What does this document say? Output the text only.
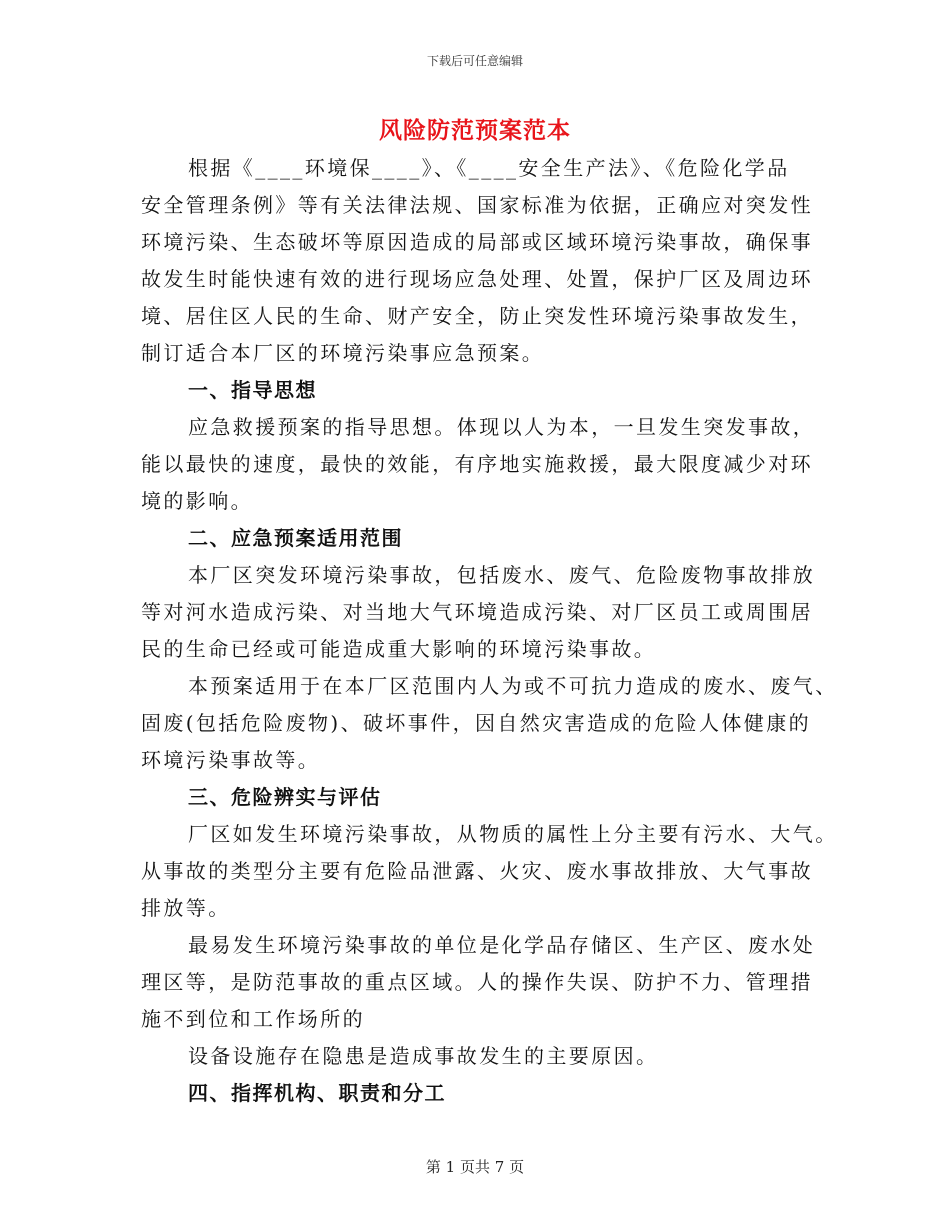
下载后可任意编辑
风险防范预案范本
根据《____环境保____》、《____安全生产法》、《危险化学品
安全管理条例》等有关法律法规、国家标准为依据，正确应对突发性
环境污染、生态破坏等原因造成的局部或区域环境污染事故，确保事
故发生时能快速有效的进行现场应急处理、处置，保护厂区及周边环
境、居住区人民的生命、财产安全，防止突发性环境污染事故发生，
制订适合本厂区的环境污染事应急预案。
一、指导思想
应急救援预案的指导思想。体现以人为本，一旦发生突发事故，
能以最快的速度，最快的效能，有序地实施救援，最大限度减少对环
境的影响。
二、应急预案适用范围
本厂区突发环境污染事故，包括废水、废气、危险废物事故排放
等对河水造成污染、对当地大气环境造成污染、对厂区员工或周围居
民的生命已经或可能造成重大影响的环境污染事故。
本预案适用于在本厂区范围内人为或不可抗力造成的废水、废气、
固废(包括危险废物)、破坏事件，因自然灾害造成的危险人体健康的
环境污染事故等。
三、危险辨实与评估
厂区如发生环境污染事故，从物质的属性上分主要有污水、大气。
从事故的类型分主要有危险品泄露、火灾、废水事故排放、大气事故
排放等。
最易发生环境污染事故的单位是化学品存储区、生产区、废水处
理区等，是防范事故的重点区域。人的操作失误、防护不力、管理措
施不到位和工作场所的
设备设施存在隐患是造成事故发生的主要原因。
四、指挥机构、职责和分工
第 1 页共 7 页
